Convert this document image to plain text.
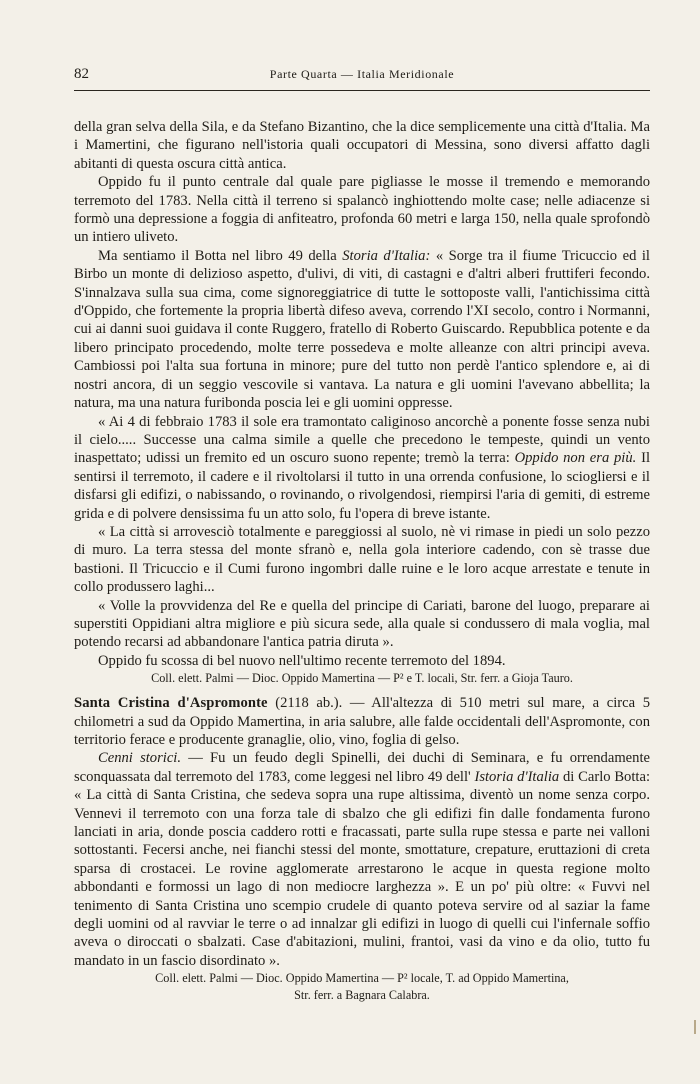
82	Parte Quarta — Italia Meridionale

della gran selva della Sila, e da Stefano Bizantino, che la dice semplicemente una città d'Italia. Ma i Mamertini, che figurano nell'istoria quali occupatori di Messina, sono diversi affatto dagli abitanti di questa oscura città antica.

Oppido fu il punto centrale dal quale pare pigliasse le mosse il tremendo e memorando terremoto del 1783. Nella città il terreno si spalancò inghiottendo molte case; nelle adiacenze si formò una depressione a foggia di anfiteatro, profonda 60 metri e larga 150, nella quale sprofondò un intiero uliveto.

Ma sentiamo il Botta nel libro 49 della Storia d'Italia: « Sorge tra il fiume Tricuccio ed il Birbo un monte di delizioso aspetto, d'ulivi, di viti, di castagni e d'altri alberi fruttiferi fecondo. S'innalzava sulla sua cima, come signoreggiatrice di tutte le sottoposte valli, l'antichissima città d'Oppido, che fortemente la propria libertà difeso aveva, correndo l'XI secolo, contro i Normanni, cui ai danni suoi guidava il conte Ruggero, fratello di Roberto Guiscardo. Repubblica potente e da libero principato procedendo, molte terre possedeva e molte alleanze con altri principi aveva. Cambiossi poi l'alta sua fortuna in minore; pure del tutto non perdè l'antico splendore e, ai di nostri ancora, di un seggio vescovile si vantava. La natura e gli uomini l'avevano abbellita; la natura, ma una natura furibonda poscia lei e gli uomini oppresse.

« Ai 4 di febbraio 1783 il sole era tramontato caliginoso ancorchè a ponente fosse senza nubi il cielo..... Successe una calma simile a quelle che precedono le tempeste, quindi un vento inaspettato; udissi un fremito ed un oscuro suono repente; tremò la terra: Oppido non era più. Il sentirsi il terremoto, il cadere e il rivoltolarsi il tutto in una orrenda confusione, lo sciogliersi e il disfarsi gli edifizi, o nabissando, o rovinando, o rivolgendosi, riempirsi l'aria di gemiti, di estreme grida e di polvere densissima fu un atto solo, fu l'opera di breve istante.

« La città si arrovesciò totalmente e pareggiossi al suolo, nè vi rimase in piedi un solo pezzo di muro. La terra stessa del monte sfranò e, nella gola interiore cadendo, con sè trasse due bastioni. Il Tricuccio e il Cumi furono ingombri dalle ruine e le loro acque arrestate e tenute in collo produssero laghi...

« Volle la provvidenza del Re e quella del principe di Cariati, barone del luogo, preparare ai superstiti Oppidiani altra migliore e più sicura sede, alla quale si condussero di mala voglia, mal potendo recarsi ad abbandonare l'antica patria diruta ».

Oppido fu scossa di bel nuovo nell'ultimo recente terremoto del 1894.

Coll. elett. Palmi — Dioc. Oppido Mamertina — P² e T. locali, Str. ferr. a Gioja Tauro.

Santa Cristina d'Aspromonte (2118 ab.). — All'altezza di 510 metri sul mare, a circa 5 chilometri a sud da Oppido Mamertina, in aria salubre, alle falde occidentali dell'Aspromonte, con territorio ferace e producente granaglie, olio, vino, foglia di gelso.

Cenni storici. — Fu un feudo degli Spinelli, dei duchi di Seminara, e fu orrendamente sconquassata dal terremoto del 1783, come leggesi nel libro 49 dell' Istoria d'Italia di Carlo Botta: « La città di Santa Cristina, che sedeva sopra una rupe altissima, diventò un nome senza corpo. Vennevi il terremoto con una forza tale di sbalzo che gli edifizi fin dalle fondamenta furono lanciati in aria, donde poscia caddero rotti e fracassati, parte sulla rupe stessa e parte nei valloni sottostanti. Fecersi anche, nei fianchi stessi del monte, smottature, crepature, eruttazioni di creta sparsa di crostacei. Le rovine agglomerate arrestarono le acque in questa regione molto abbondanti e formossi un lago di non mediocre larghezza ». E un po' più oltre: « Fuvvi nel tenimento di Santa Cristina uno scempio crudele di quanto poteva servire od al saziar la fame degli uomini od al ravviar le terre o ad innalzar gli edifizi in luogo di quelli cui l'infernale soffio aveva o diroccati o sbalzati. Case d'abitazioni, mulini, frantoi, vasi da vino e da olio, tutto fu mandato in un fascio disordinato ».

Coll. elett. Palmi — Dioc. Oppido Mamertina — P² locale, T. ad Oppido Mamertina,
Str. ferr. a Bagnara Calabra.
